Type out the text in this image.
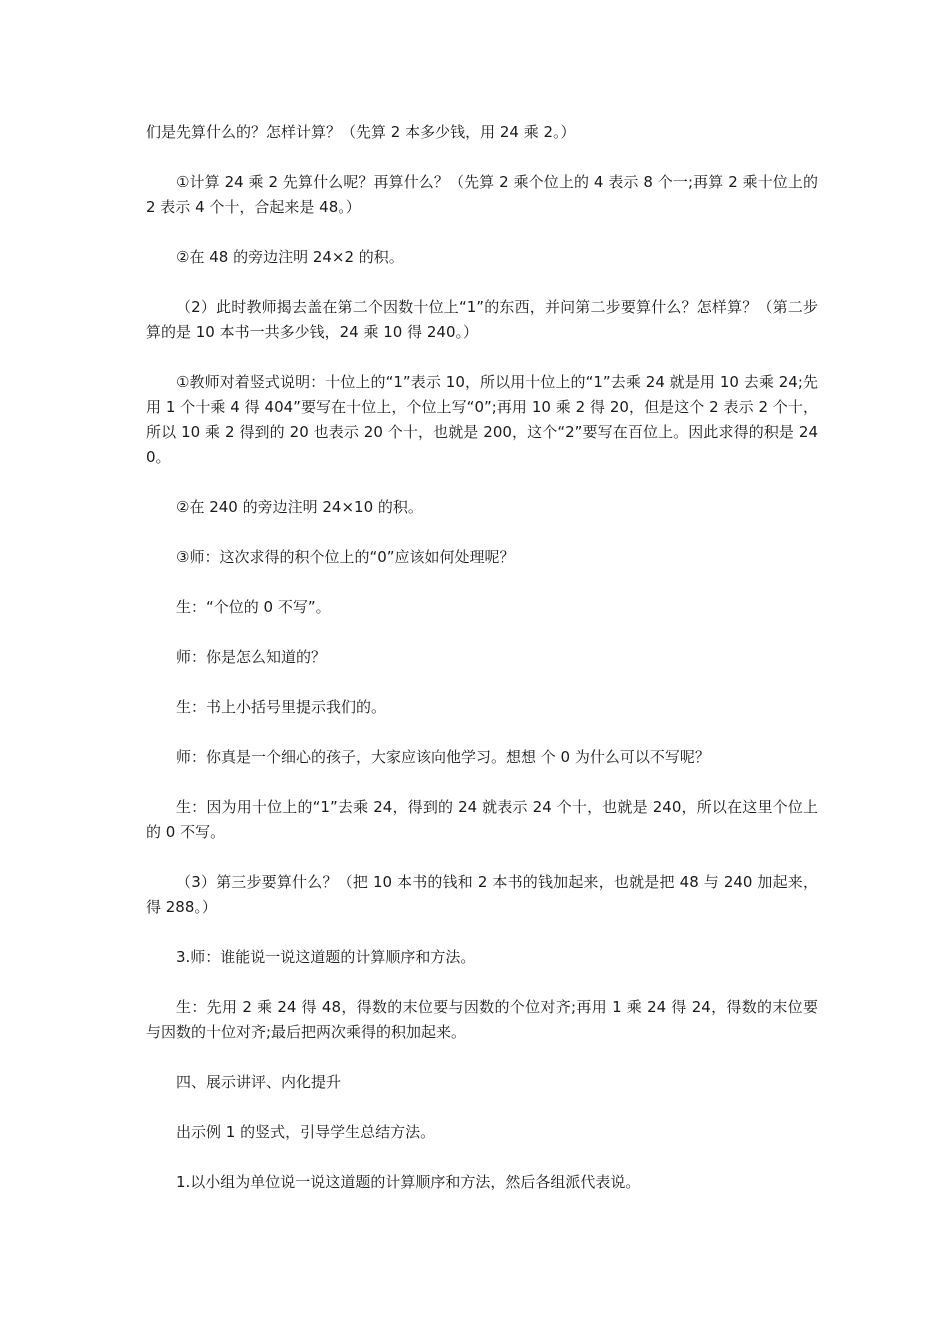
们是先算什么的？怎样计算？（先算 2 本多少钱，用 24 乘 2。）

①计算 24 乘 2 先算什么呢？再算什么？（先算 2 乘个位上的 4 表示 8 个一;再算 2 乘十位上的 2 表示 4 个十，合起来是 48。）

②在 48 的旁边注明 24×2 的积。

（2）此时教师揭去盖在第二个因数十位上“1”的东西，并问第二步要算什么？怎样算？（第二步算的是 10 本书一共多少钱，24 乘 10 得 240。）

①教师对着竖式说明：十位上的“1”表示 10，所以用十位上的“1”去乘 24 就是用 10 去乘 24;先用 1 个十乘 4 得 404”要写在十位上，个位上写“0”;再用 10 乘 2 得 20，但是这个 2 表示 2 个十，所以 10 乘 2 得到的 20 也表示 20 个十，也就是 200，这个“2”要写在百位上。因此求得的积是 240。

②在 240 的旁边注明 24×10 的积。

③师：这次求得的积个位上的“0”应该如何处理呢？

生：“个位的 0 不写”。

师：你是怎么知道的？

生：书上小括号里提示我们的。

师：你真是一个细心的孩子，大家应该向他学习。想想 个 0 为什么可以不写呢？

生：因为用十位上的“1”去乘 24，得到的 24 就表示 24 个十，也就是 240，所以在这里个位上的 0 不写。

（3）第三步要算什么？（把 10 本书的钱和 2 本书的钱加起来，也就是把 48 与 240 加起来，得 288。）

3.师：谁能说一说这道题的计算顺序和方法。

生：先用 2 乘 24 得 48，得数的末位要与因数的个位对齐;再用 1 乘 24 得 24，得数的末位要与因数的十位对齐;最后把两次乘得的积加起来。

四、展示讲评、内化提升

出示例 1 的竖式，引导学生总结方法。

1.以小组为单位说一说这道题的计算顺序和方法，然后各组派代表说。
